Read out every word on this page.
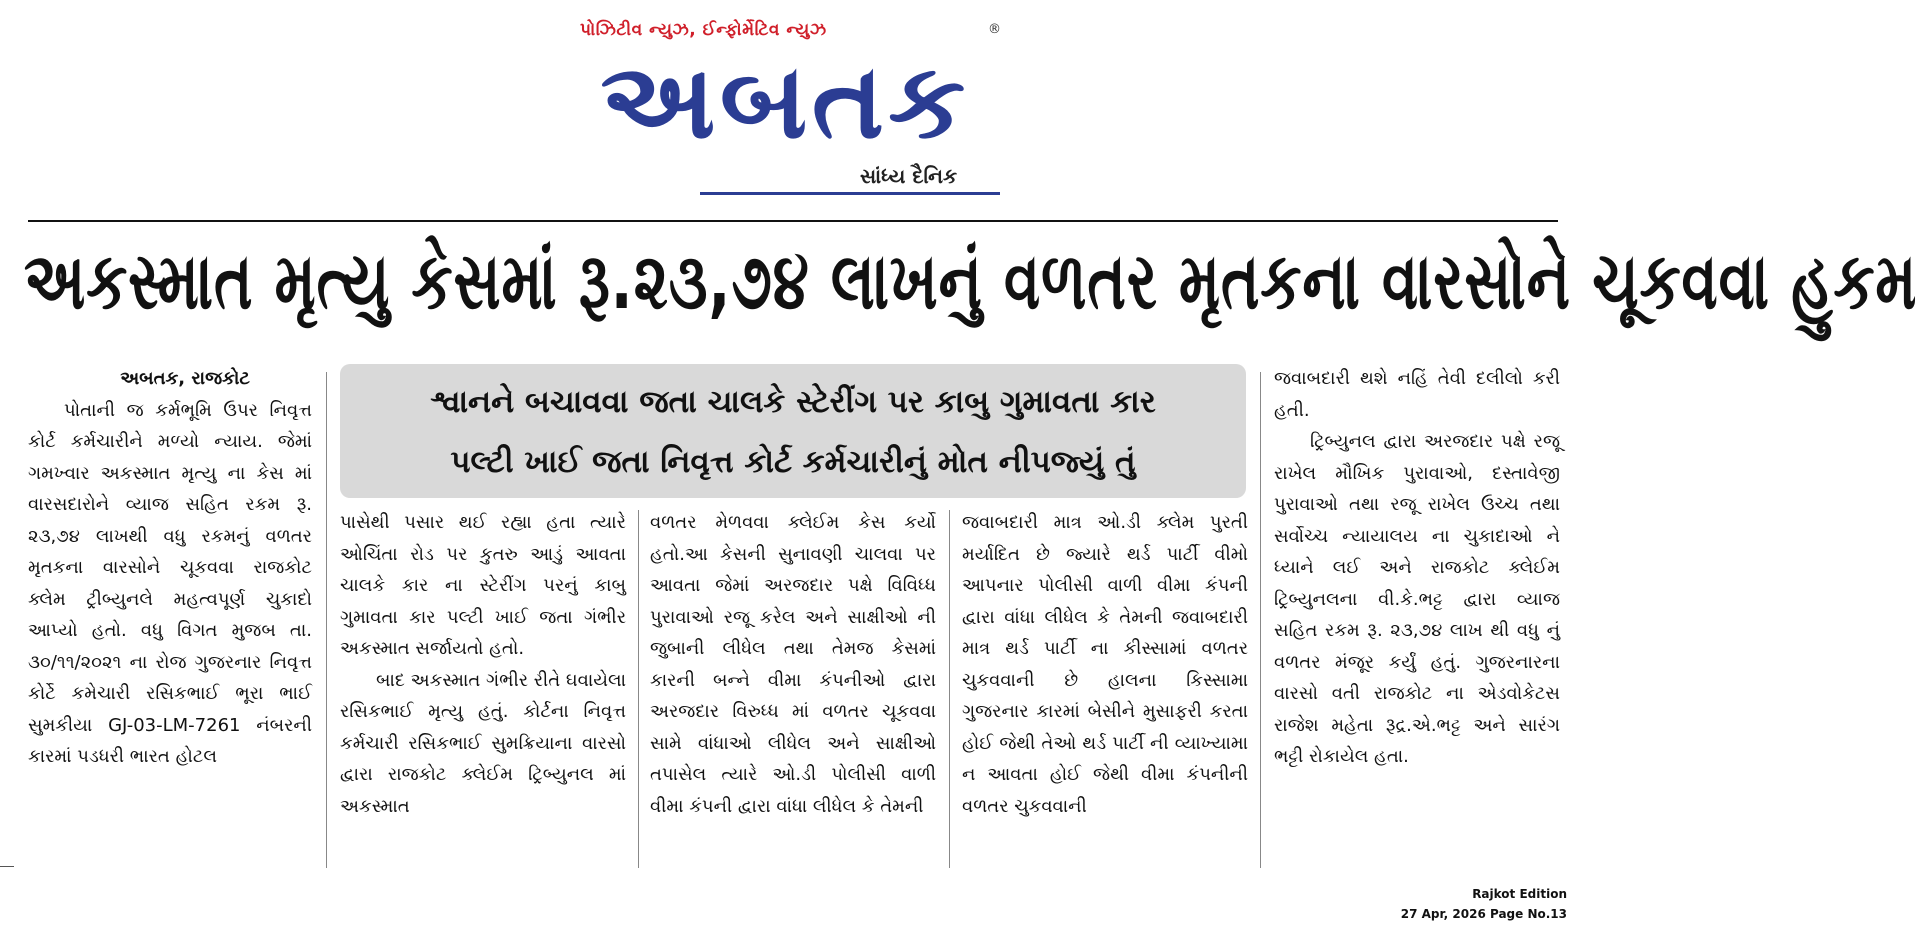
પોઝિટીવ ન્યુઝ, ઈન્ફોર્મેટિવ ન્યુઝ	®
અબતક
સાંધ્ય દૈનિક
અકસ્માત મૃત્યુ કેસમાં રૂ.૨૩,૭૪ લાખનું વળતર મૃતકના વારસોને ચૂકવવા હુકમ
શ્વાનને બચાવવા જતા ચાલકે સ્ટેરીંગ પર કાબુ ગુમાવતા કાર
પલ્ટી ખાઈ જતા નિવૃત્ત કોર્ટ કર્મચારીનું મોત નીપજ્યું તું

અબતક, રાજકોટ

પોતાની જ કર્મભૂમિ ઉપર નિવૃત્ત કોર્ટ કર્મચારીને મળ્યો ન્યાય. જેમાં ગમખ્વાર અકસ્માત મૃત્યુ ના કેસ માં વારસદારોને વ્યાજ સહિત રકમ રૂ. ૨૩,૭૪ લાખથી વધુ રકમનું વળતર મૃતકના વારસોને ચૂકવવા રાજકોટ ક્લેમ ટ્રીબ્યુનલે મહત્વપૂર્ણ ચુકાદો આપ્યો હતો. વધુ વિગત મુજબ તા. ૩૦/૧૧/૨૦૨૧ ના રોજ ગુજરનાર નિવૃત્ત કોર્ટે કમેચારી રસિકભાઈ ભૂરા ભાઈ સુમકીયા GJ-03-LM-7261 નંબરની કારમાં પડધરી ભારત હોટલ

પાસેથી પસાર થઈ રહ્યા હતા ત્યારે ઓચિંતા રોડ પર કુતરુ આડું આવતા ચાલકે કાર ના સ્ટેરીંગ પરનું કાબુ ગુમાવતા કાર પલ્ટી ખાઈ જતા ગંભીર અકસ્માત સર્જાયતો હતો.

બાદ અકસ્માત ગંભીર રીતે ઘવાયેલા રસિકભાઈ મૃત્યુ હતું. કોર્ટના નિવૃત્ત કર્મચારી રસિકભાઈ સુમક્રિયાના વારસો દ્વારા રાજકોટ ક્લેઈમ ટ્રિબ્યુનલ માં અકસ્માત

વળતર મેળવવા ક્લેઈમ કેસ કર્યો હતો.આ કેસની સુનાવણી ચાલવા પર આવતા જેમાં અરજદાર પક્ષે વિવિધ્ધ પુરાવાઓ રજૂ કરેલ અને સાક્ષીઓ ની જુબાની લીધેલ તથા તેમજ કેસમાં કારની બન્ને વીમા કંપનીઓ દ્વારા અરજદાર વિરુધ્ધ માં વળતર ચૂકવવા સામે વાંધાઓ લીધેલ અને સાક્ષીઓ તપાસેલ ત્યારે ઓ.ડી પોલીસી વાળી વીમા કંપની દ્વારા વાંધા લીધેલ કે તેમની

જવાબદારી માત્ર ઓ.ડી ક્લેમ પુરતી મર્યાદિત છે જ્યારે થર્ડ પાર્ટી વીમો આપનાર પોલીસી વાળી વીમા કંપની દ્વારા વાંધા લીધેલ કે તેમની જવાબદારી માત્ર થર્ડ પાર્ટી ના કીસ્સામાં વળતર ચુકવવાની છે હાલના કિસ્સામા ગુજરનાર કારમાં બેસીને મુસાફરી કરતા હોઈ જેથી તેઓ થર્ડ પાર્ટી ની વ્યાખ્યામા ન આવતા હોઈ જેથી વીમા કંપનીની વળતર ચુકવવાની

જવાબદારી થશે નહિં તેવી દલીલો કરી હતી.

ટ્રિબ્યુનલ દ્વારા અરજદાર પક્ષે રજૂ રાખેલ મૌખિક પુરાવાઓ, દસ્તાવેજી પુરાવાઓ તથા રજૂ રાખેલ ઉચ્ચ તથા સર્વોચ્ચ ન્યાયાલય ના ચુકાદાઓ ને ધ્યાને લઈ અને રાજકોટ ક્લેઈમ ટ્રિબ્યુનલના વી.કે.ભટ્ટ દ્વારા વ્યાજ સહિત રકમ રૂ. ૨૩,૭૪ લાખ થી વધુ નું વળતર મંજૂર કર્યું હતું. ગુજરનારના વારસો વતી રાજકોટ ના એડવોકેટસ રાજેશ મહેતા રૂદ્ર.એ.ભટ્ટ અને સારંગ ભટ્ટી રોકાયેલ હતા.

Rajkot Edition
27 Apr, 2026 Page No.13
